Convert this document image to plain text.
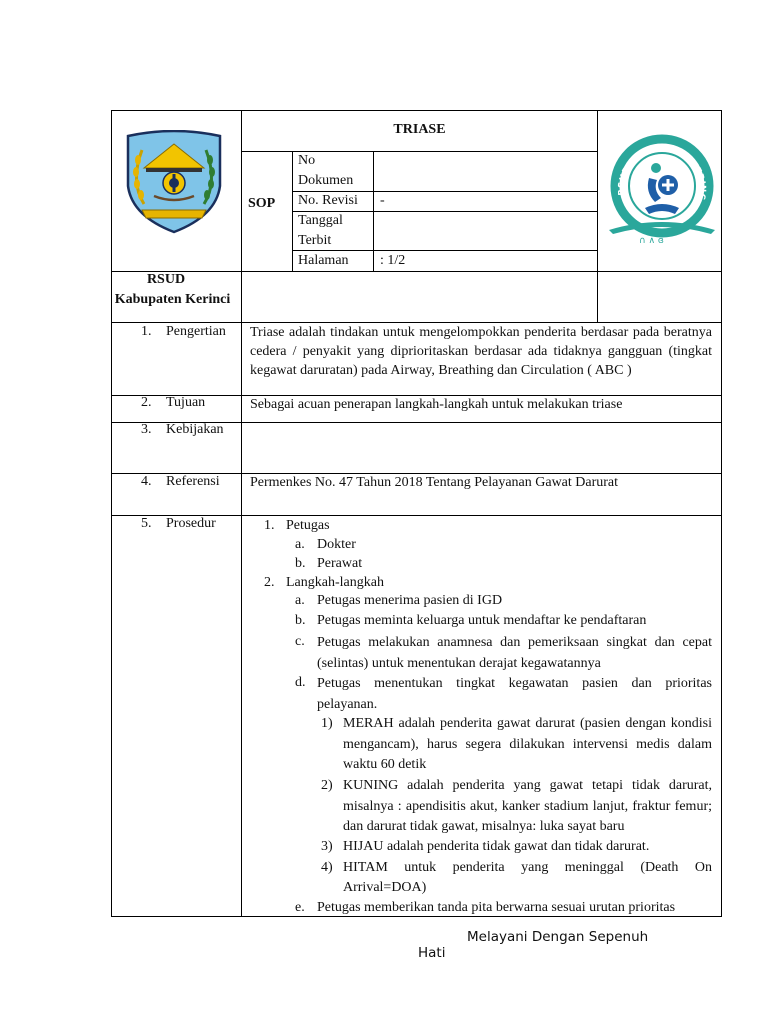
TRIASE
SOP
No
Dokumen
No. Revisi -
Tanggal
Terbit
Halaman : 1/2
RSUD
Kabupaten Kerinci
RSUD KABUPATEN KERINC
∩ ∧ ɞ
1. Pengertian
2. Tujuan
3. Kebijakan
4. Referensi
5. Prosedur
Triase adalah tindakan untuk mengelompokkan penderita berdasar pada beratnya cedera / penyakit yang diprioritaskan berdasar ada tidaknya gangguan (tingkat kegawat daruratan) pada Airway, Breathing dan Circulation ( ABC )
Sebagai acuan penerapan langkah-langkah untuk melakukan triase
Permenkes No. 47 Tahun 2018 Tentang Pelayanan Gawat Darurat
1. Petugas
a. Dokter
b. Perawat
2. Langkah-langkah
a. Petugas menerima pasien di IGD
b. Petugas meminta keluarga untuk mendaftar ke pendaftaran
c. Petugas melakukan anamnesa dan pemeriksaan singkat dan cepat (selintas) untuk menentukan derajat kegawatannya
d. Petugas menentukan tingkat kegawatan pasien dan prioritas pelayanan.
1) MERAH adalah penderita gawat darurat (pasien dengan kondisi mengancam), harus segera dilakukan intervensi medis dalam waktu 60 detik
2) KUNING adalah penderita yang gawat tetapi tidak darurat, misalnya : apendisitis akut, kanker stadium lanjut, fraktur femur; dan darurat tidak gawat, misalnya: luka sayat baru
3) HIJAU adalah penderita tidak gawat dan tidak darurat.
4) HITAM untuk penderita yang meninggal (Death On Arrival=DOA)
e. Petugas memberikan tanda pita berwarna sesuai urutan prioritas
Melayani Dengan Sepenuh
Hati
